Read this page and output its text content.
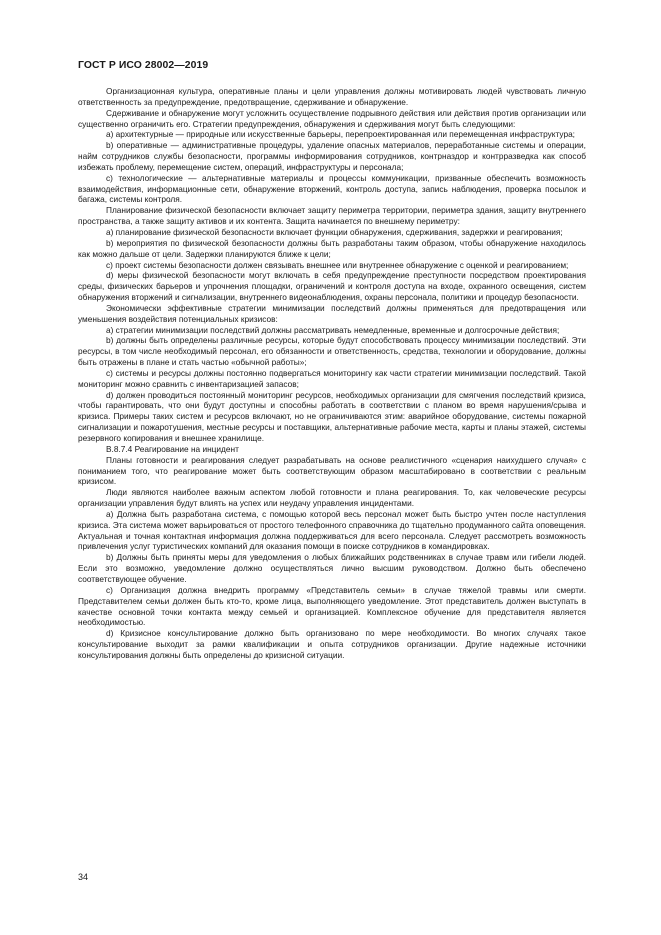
ГОСТ Р ИСО 28002—2019

Организационная культура, оперативные планы и цели управления должны мотивировать людей чувствовать личную ответственность за предупреждение, предотвращение, сдерживание и обнаружение.

Сдерживание и обнаружение могут усложнить осуществление подрывного действия или действия против организации или существенно ограничить его. Стратегии предупреждения, обнаружения и сдерживания могут быть следующими:

a) архитектурные — природные или искусственные барьеры, перепроектированная или перемещенная инфраструктура;

b) оперативные — административные процедуры, удаление опасных материалов, переработанные системы и операции, найм сотрудников службы безопасности, программы информирования сотрудников, контрназдор и контрразведка как способ избежать проблему, перемещение систем, операций, инфраструктуры и персонала;

c) технологические — альтернативные материалы и процессы коммуникации, призванные обеспечить возможность взаимодействия, информационные сети, обнаружение вторжений, контроль доступа, запись наблюдения, проверка посылок и багажа, системы контроля.

Планирование физической безопасности включает защиту периметра территории, периметра здания, защиту внутреннего пространства, а также защиту активов и их контента. Защита начинается по внешнему периметру:

a) планирование физической безопасности включает функции обнаружения, сдерживания, задержки и реагирования;

b) мероприятия по физической безопасности должны быть разработаны таким образом, чтобы обнаружение находилось как можно дальше от цели. Задержки планируются ближе к цели;

c) проект системы безопасности должен связывать внешнее или внутреннее обнаружение с оценкой и реагированием;

d) меры физической безопасности могут включать в себя предупреждение преступности посредством проектирования среды, физических барьеров и упрочнения площадки, ограничений и контроля доступа на входе, охранного освещения, систем обнаружения вторжений и сигнализации, внутреннего видеонаблюдения, охраны персонала, политики и процедур безопасности.

Экономически эффективные стратегии минимизации последствий должны применяться для предотвращения или уменьшения воздействия потенциальных кризисов:

a) стратегии минимизации последствий должны рассматривать немедленные, временные и долгосрочные действия;

b) должны быть определены различные ресурсы, которые будут способствовать процессу минимизации последствий. Эти ресурсы, в том числе необходимый персонал, его обязанности и ответственность, средства, технологии и оборудование, должны быть отражены в плане и стать частью «обычной работы»;

c) системы и ресурсы должны постоянно подвергаться мониторингу как части стратегии минимизации последствий. Такой мониторинг можно сравнить с инвентаризацией запасов;

d) должен проводиться постоянный мониторинг ресурсов, необходимых организации для смягчения последствий кризиса, чтобы гарантировать, что они будут доступны и способны работать в соответствии с планом во время нарушения/срыва и кризиса. Примеры таких систем и ресурсов включают, но не ограничиваются этим: аварийное оборудование, системы пожарной сигнализации и пожаротушения, местные ресурсы и поставщики, альтернативные рабочие места, карты и планы этажей, системы резервного копирования и внешнее хранилище.

B.8.7.4 Реагирование на инцидент

Планы готовности и реагирования следует разрабатывать на основе реалистичного «сценария наихудшего случая» с пониманием того, что реагирование может быть соответствующим образом масштабировано в соответствии с реальным кризисом.

Люди являются наиболее важным аспектом любой готовности и плана реагирования. То, как человеческие ресурсы организации управления будут влиять на успех или неудачу управления инцидентами.

a) Должна быть разработана система, с помощью которой весь персонал может быть быстро учтен после наступления кризиса. Эта система может варьироваться от простого телефонного справочника до тщательно продуманного сайта оповещения. Актуальная и точная контактная информация должна поддерживаться для всего персонала. Следует рассмотреть возможность привлечения услуг туристических компаний для оказания помощи в поиске сотрудников в командировках.

b) Должны быть приняты меры для уведомления о любых ближайших родственниках в случае травм или гибели людей. Если это возможно, уведомление должно осуществляться лично высшим руководством. Должно быть обеспечено соответствующее обучение.

c) Организация должна внедрить программу «Представитель семьи» в случае тяжелой травмы или смерти. Представителем семьи должен быть кто-то, кроме лица, выполняющего уведомление. Этот представитель должен выступать в качестве основной точки контакта между семьей и организацией. Комплексное обучение для представителя является необходимостью.

d) Кризисное консультирование должно быть организовано по мере необходимости. Во многих случаях такое консультирование выходит за рамки квалификации и опыта сотрудников организации. Другие надежные источники консультирования должны быть определены до кризисной ситуации.

34
